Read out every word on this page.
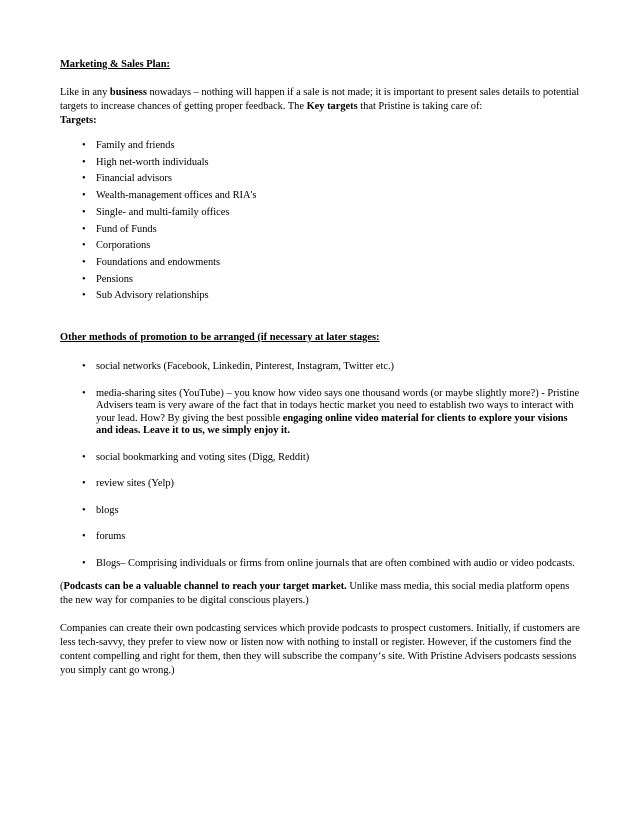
Marketing & Sales Plan:

Like in any business nowadays – nothing will happen if a sale is not made; it is important to present sales details to potential targets to increase chances of getting proper feedback. The Key targets that Pristine is taking care of:

Targets:

• Family and friends
• High net-worth individuals
• Financial advisors
• Wealth-management offices and RIA's
• Single- and multi-family offices
• Fund of Funds
• Corporations
• Foundations and endowments
• Pensions
• Sub Advisory relationships

Other methods of promotion to be arranged (if necessary at later stages:

• social networks (Facebook, Linkedin, Pinterest, Instagram, Twitter etc.)
• media-sharing sites (YouTube) – you know how video says one thousand words (or maybe slightly more?) - Pristine Advisers team is very aware of the fact that in todays hectic market you need to establish two ways to interact with your lead. How? By giving the best possible engaging online video material for clients to explore your visions and ideas. Leave it to us, we simply enjoy it.
• social bookmarking and voting sites (Digg, Reddit)
• review sites (Yelp)
• blogs
• forums
• Blogs– Comprising individuals or firms from online journals that are often combined with audio or video podcasts.

(Podcasts can be a valuable channel to reach your target market. Unlike mass media, this social media platform opens the new way for companies to be digital conscious players.)

Companies can create their own podcasting services which provide podcasts to prospect customers. Initially, if customers are less tech-savvy, they prefer to view now or listen now with nothing to install or register. However, if the customers find the content compelling and right for them, then they will subscribe the company‘s site. With Pristine Advisers podcasts sessions you simply cant go wrong.)
